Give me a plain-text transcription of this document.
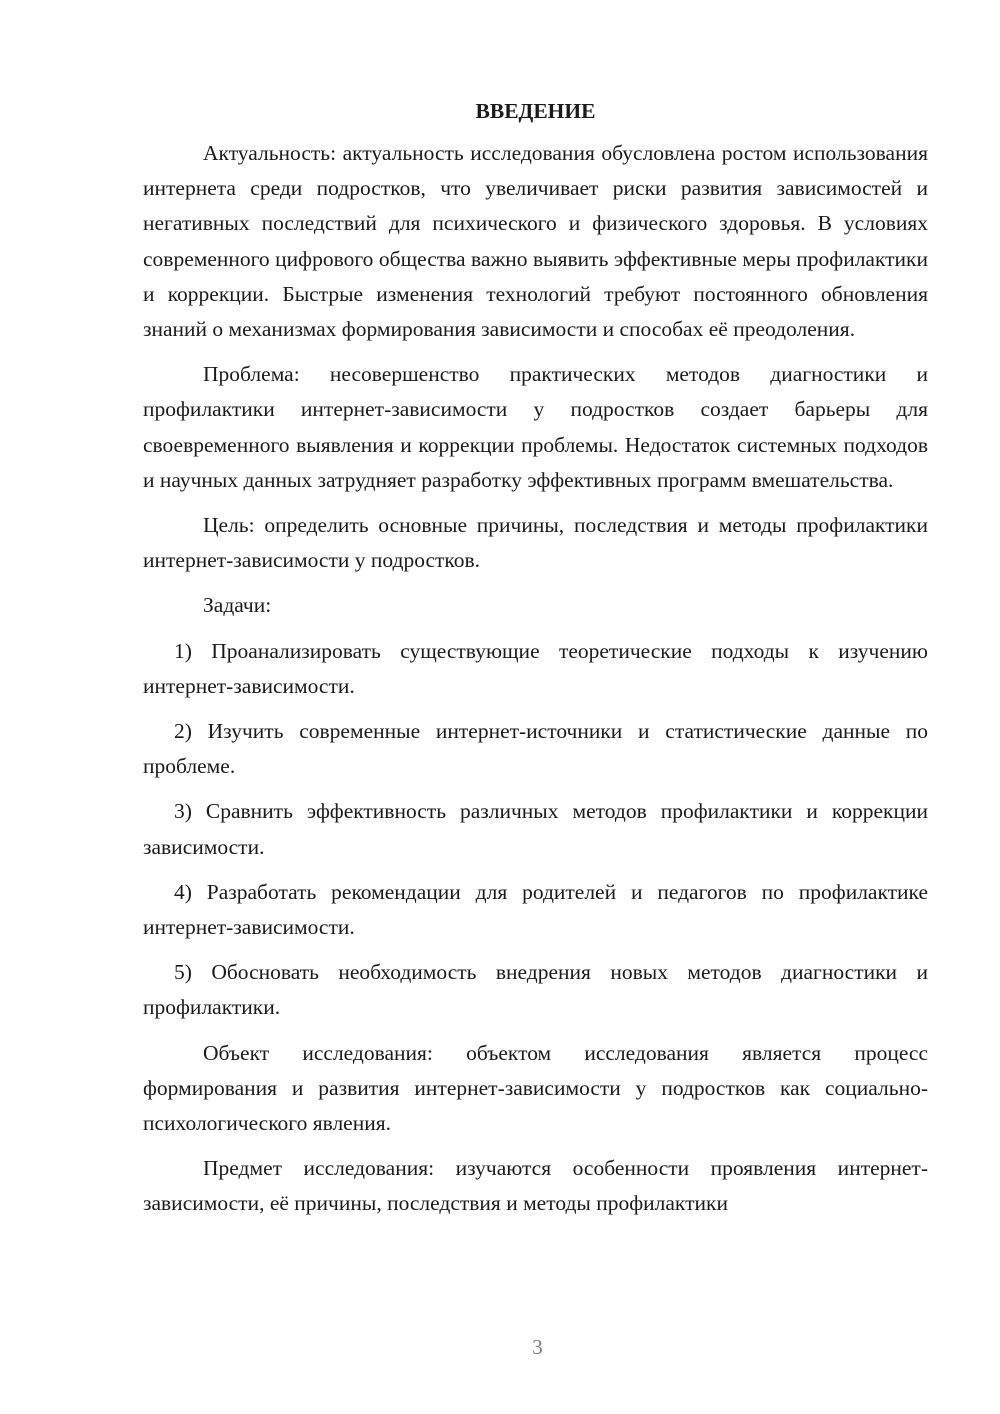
ВВЕДЕНИЕ

Актуальность: актуальность исследования обусловлена ростом использования интернета среди подростков, что увеличивает риски развития зависимостей и негативных последствий для психического и физического здоровья. В условиях современного цифрового общества важно выявить эффективные меры профилактики и коррекции. Быстрые изменения технологий требуют постоянного обновления знаний о механизмах формирования зависимости и способах её преодоления.

Проблема: несовершенство практических методов диагностики и профилактики интернет-зависимости у подростков создает барьеры для своевременного выявления и коррекции проблемы. Недостаток системных подходов и научных данных затрудняет разработку эффективных программ вмешательства.

Цель: определить основные причины, последствия и методы профилактики интернет-зависимости у подростков.

Задачи:

1) Проанализировать существующие теоретические подходы к изучению интернет-зависимости.

2) Изучить современные интернет-источники и статистические данные по проблеме.

3) Сравнить эффективность различных методов профилактики и коррекции зависимости.

4) Разработать рекомендации для родителей и педагогов по профилактике интернет-зависимости.

5) Обосновать необходимость внедрения новых методов диагностики и профилактики.

Объект исследования: объектом исследования является процесс формирования и развития интернет-зависимости у подростков как социально-психологического явления.

Предмет исследования: изучаются особенности проявления интернет-зависимости, её причины, последствия и методы профилактики

3
